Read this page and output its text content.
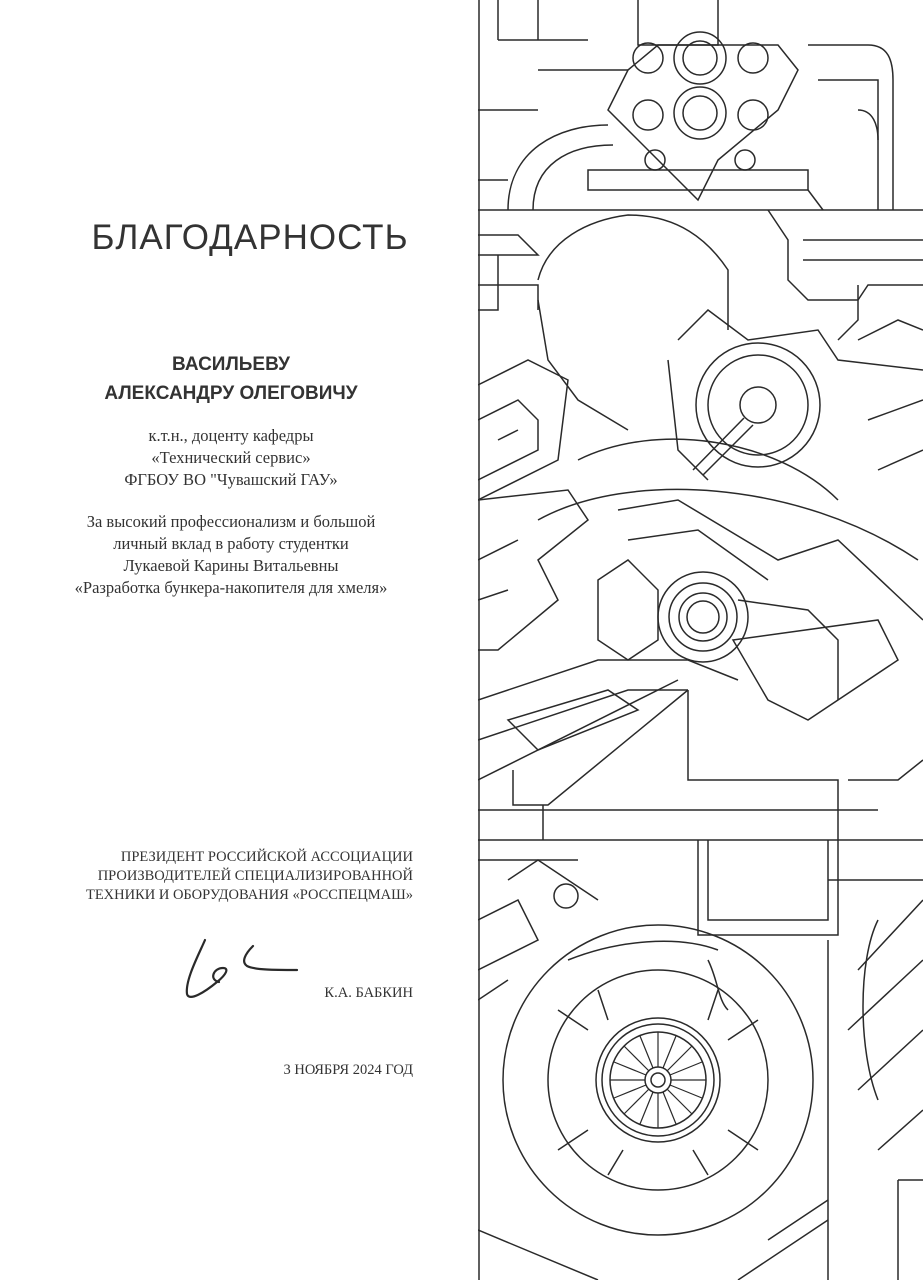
БЛАГОДАРНОСТЬ
ВАСИЛЬЕВУ
АЛЕКСАНДРУ ОЛЕГОВИЧУ
к.т.н., доценту кафедры
«Технический сервис»
ФГБОУ ВО "Чувашский ГАУ»
За высокий профессионализм и большой
личный вклад в работу студентки
Лукаевой Карины Витальевны
«Разработка бункера-накопителя для хмеля»
ПРЕЗИДЕНТ РОССИЙСКОЙ АССОЦИАЦИИ
ПРОИЗВОДИТЕЛЕЙ СПЕЦИАЛИЗИРОВАННОЙ
ТЕХНИКИ И ОБОРУДОВАНИЯ «РОССПЕЦМАШ»
К.А. БАБКИН
3 НОЯБРЯ 2024 ГОД
